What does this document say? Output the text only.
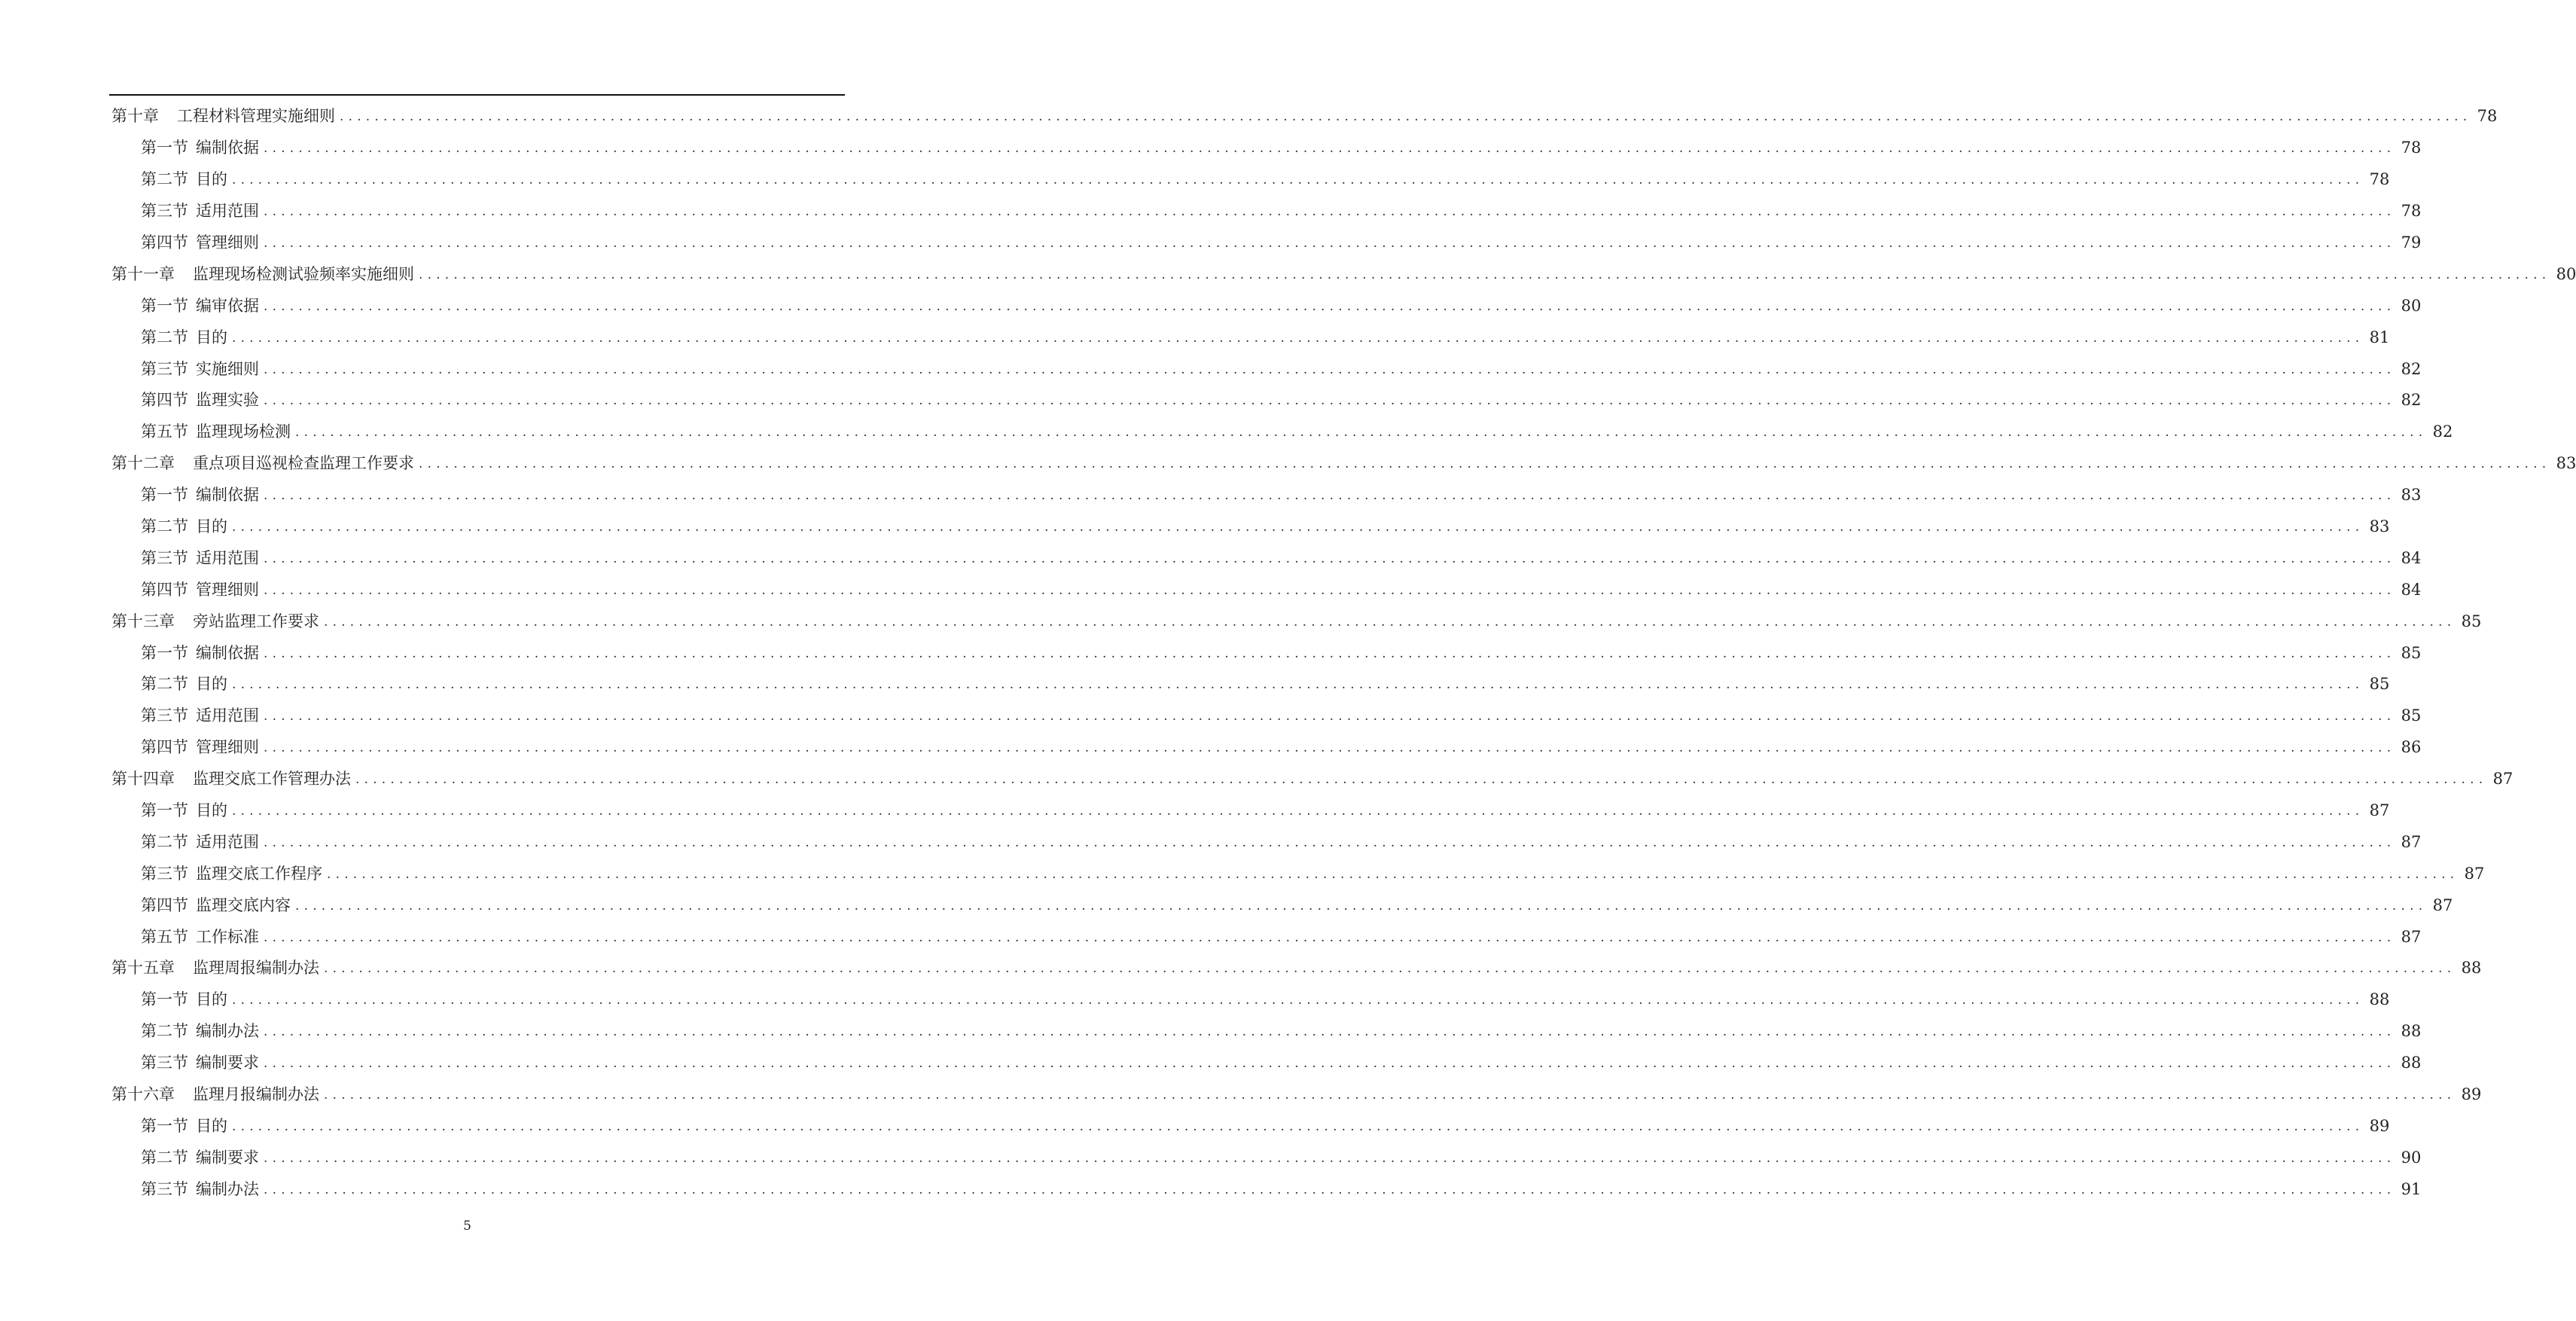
第十章 工程材料管理实施细则 .................................................................................................................................................................................................................................................... 78
第一节 编制依据 .................................................................................................................................................................................................................................................... 78
第二节 目的 .................................................................................................................................................................................................................................................... 78
第三节 适用范围 .................................................................................................................................................................................................................................................... 78
第四节 管理细则 .................................................................................................................................................................................................................................................... 79
第十一章 监理现场检测试验频率实施细则 .................................................................................................................................................................................................................................................... 80
第一节 编审依据 .................................................................................................................................................................................................................................................... 80
第二节 目的 .................................................................................................................................................................................................................................................... 81
第三节 实施细则 .................................................................................................................................................................................................................................................... 82
第四节 监理实验 .................................................................................................................................................................................................................................................... 82
第五节 监理现场检测 .................................................................................................................................................................................................................................................... 82
第十二章 重点项目巡视检查监理工作要求 .................................................................................................................................................................................................................................................... 83
第一节 编制依据 .................................................................................................................................................................................................................................................... 83
第二节 目的 .................................................................................................................................................................................................................................................... 83
第三节 适用范围 .................................................................................................................................................................................................................................................... 84
第四节 管理细则 .................................................................................................................................................................................................................................................... 84
第十三章 旁站监理工作要求 .................................................................................................................................................................................................................................................... 85
第一节 编制依据 .................................................................................................................................................................................................................................................... 85
第二节 目的 .................................................................................................................................................................................................................................................... 85
第三节 适用范围 .................................................................................................................................................................................................................................................... 85
第四节 管理细则 .................................................................................................................................................................................................................................................... 86
第十四章 监理交底工作管理办法 .................................................................................................................................................................................................................................................... 87
第一节 目的 .................................................................................................................................................................................................................................................... 87
第二节 适用范围 .................................................................................................................................................................................................................................................... 87
第三节 监理交底工作程序 .................................................................................................................................................................................................................................................... 87
第四节 监理交底内容 .................................................................................................................................................................................................................................................... 87
第五节 工作标准 .................................................................................................................................................................................................................................................... 87
第十五章 监理周报编制办法 .................................................................................................................................................................................................................................................... 88
第一节 目的 .................................................................................................................................................................................................................................................... 88
第二节 编制办法 .................................................................................................................................................................................................................................................... 88
第三节 编制要求 .................................................................................................................................................................................................................................................... 88
第十六章 监理月报编制办法 .................................................................................................................................................................................................................................................... 89
第一节 目的 .................................................................................................................................................................................................................................................... 89
第二节 编制要求 .................................................................................................................................................................................................................................................... 90
第三节 编制办法 .................................................................................................................................................................................................................................................... 91
5
